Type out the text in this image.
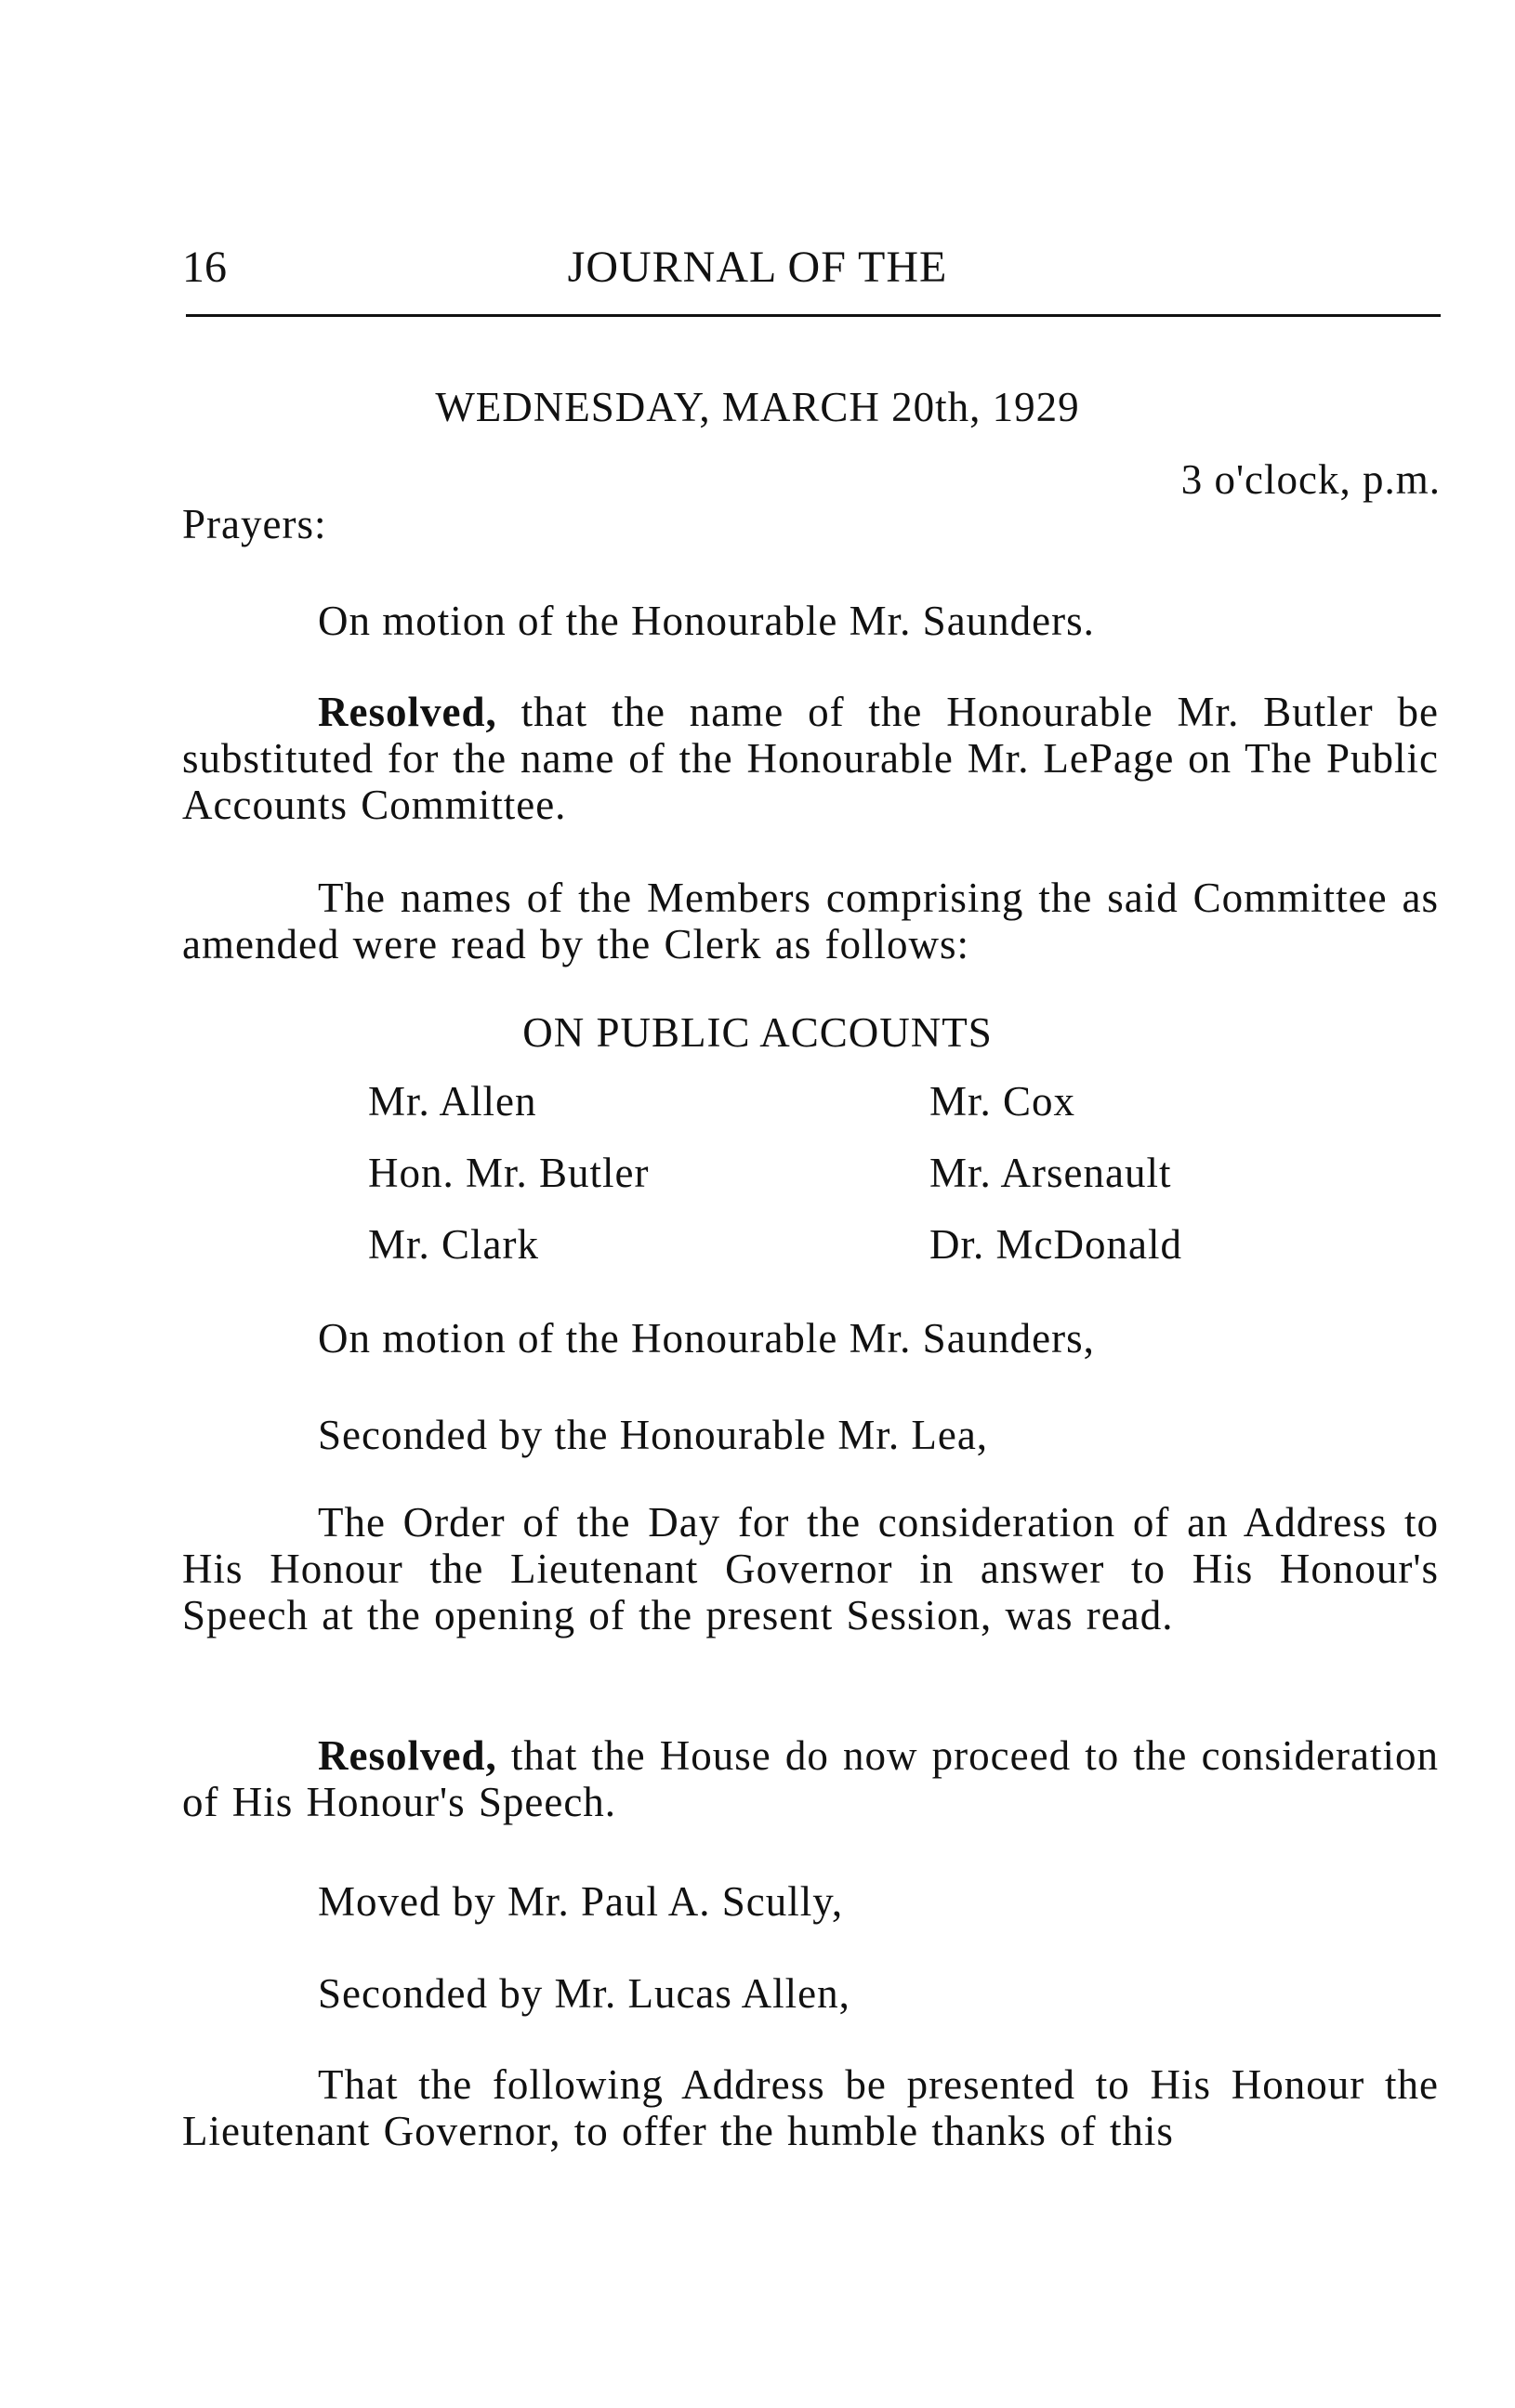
16	JOURNAL OF THE
WEDNESDAY, MARCH 20th, 1929
3 o'clock, p.m.
Prayers:

On motion of the Honourable Mr. Saunders.

Resolved, that the name of the Honourable Mr. Butler be substituted for the name of the Honourable Mr. LePage on The Public Accounts Committee.

The names of the Members comprising the said Committee as amended were read by the Clerk as follows:

ON PUBLIC ACCOUNTS
Mr. Allen
Hon. Mr. Butler
Mr. Clark
Mr. Cox
Mr. Arsenault
Dr. McDonald

On motion of the Honourable Mr. Saunders,

Seconded by the Honourable Mr. Lea,

The Order of the Day for the consideration of an Address to His Honour the Lieutenant Governor in answer to His Honour's Speech at the opening of the present Session, was read.

Resolved, that the House do now proceed to the consideration of His Honour's Speech.

Moved by Mr. Paul A. Scully,

Seconded by Mr. Lucas Allen,

That the following Address be presented to His Honour the Lieutenant Governor, to offer the humble thanks of this
